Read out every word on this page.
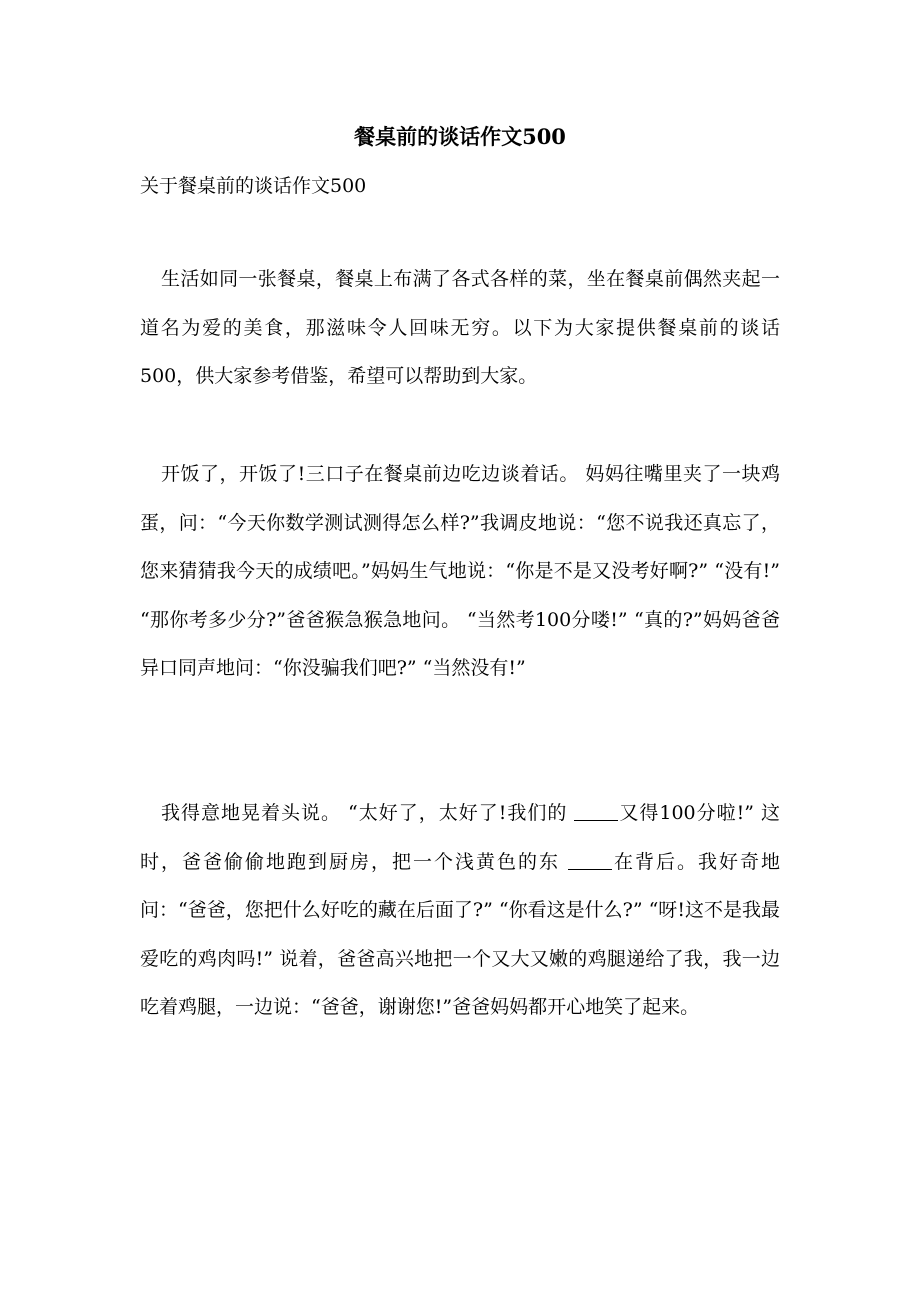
餐桌前的谈话作文500

关于餐桌前的谈话作文500

生活如同一张餐桌，餐桌上布满了各式各样的菜，坐在餐桌前偶然夹起一道名为爱的美食，那滋味令人回味无穷。以下为大家提供餐桌前的谈话500，供大家参考借鉴，希望可以帮助到大家。

开饭了，开饭了!三口子在餐桌前边吃边谈着话。 妈妈往嘴里夹了一块鸡蛋，问：“今天你数学测试测得怎么样?”我调皮地说：“您不说我还真忘了，您来猜猜我今天的成绩吧。”妈妈生气地说：“你是不是又没考好啊?” “没有!” “那你考多少分?”爸爸猴急猴急地问。 “当然考100分喽!” “真的?”妈妈爸爸异口同声地问：“你没骗我们吧?” “当然没有!”

我得意地晃着头说。 “太好了，太好了!我们的 又得100分啦!” 这时，爸爸偷偷地跑到厨房，把一个浅黄色的东 在背后。我好奇地问：“爸爸，您把什么好吃的藏在后面了?” “你看这是什么?” “呀!这不是我最爱吃的鸡肉吗!” 说着，爸爸高兴地把一个又大又嫩的鸡腿递给了我，我一边吃着鸡腿，一边说：“爸爸，谢谢您!”爸爸妈妈都开心地笑了起来。
